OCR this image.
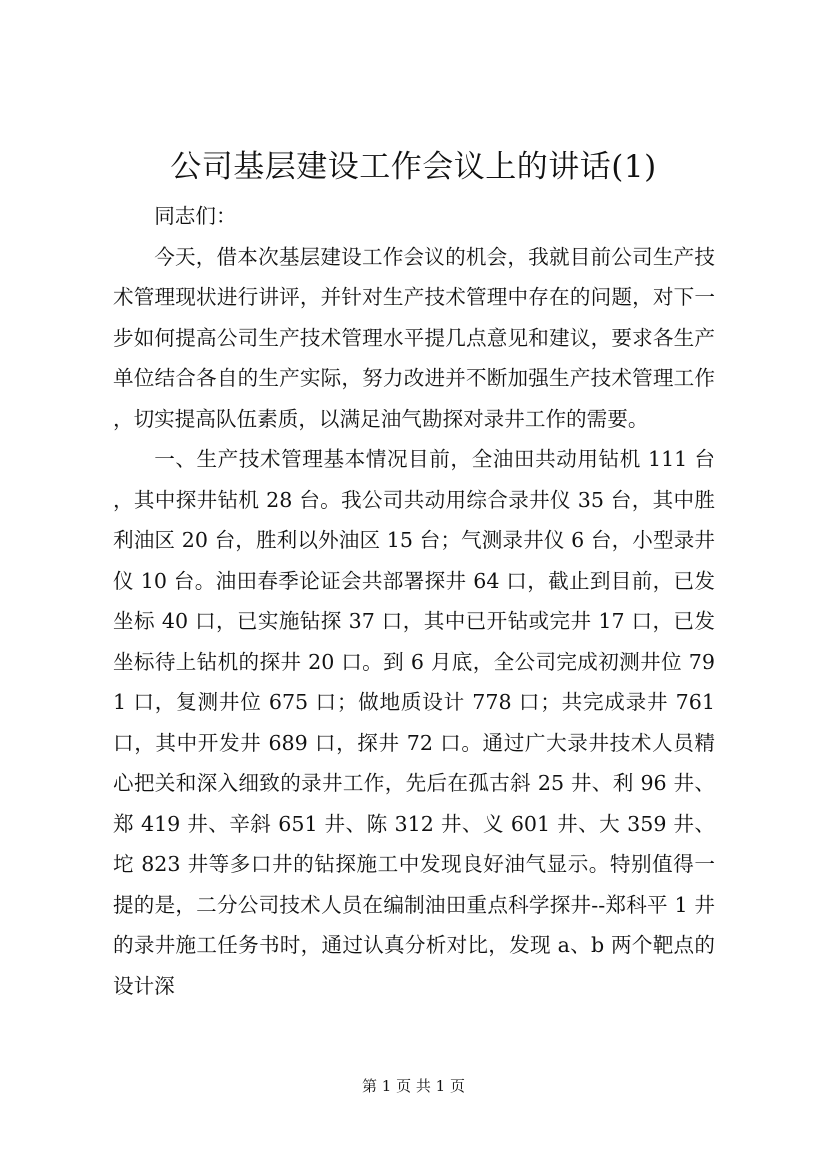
公司基层建设工作会议上的讲话(1)

同志们：

今天，借本次基层建设工作会议的机会，我就目前公司生产技术管理现状进行讲评，并针对生产技术管理中存在的问题，对下一步如何提高公司生产技术管理水平提几点意见和建议，要求各生产单位结合各自的生产实际，努力改进并不断加强生产技术管理工作，切实提高队伍素质，以满足油气勘探对录井工作的需要。

一、生产技术管理基本情况目前，全油田共动用钻机 111 台，其中探井钻机 28 台。我公司共动用综合录井仪 35 台，其中胜利油区 20 台，胜利以外油区 15 台；气测录井仪 6 台，小型录井仪 10 台。油田春季论证会共部署探井 64 口，截止到目前，已发坐标 40 口，已实施钻探 37 口，其中已开钻或完井 17 口，已发坐标待上钻机的探井 20 口。到 6 月底，全公司完成初测井位 791 口，复测井位 675 口；做地质设计 778 口；共完成录井 761 口，其中开发井 689 口，探井 72 口。通过广大录井技术人员精心把关和深入细致的录井工作，先后在孤古斜 25 井、利 96 井、郑 419 井、辛斜 651 井、陈 312 井、义 601 井、大 359 井、坨 823 井等多口井的钻探施工中发现良好油气显示。特别值得一提的是，二分公司技术人员在编制油田重点科学探井--郑科平 1 井的录井施工任务书时，通过认真分析对比，发现 a、b 两个靶点的设计深

第 1 页 共 1 页
